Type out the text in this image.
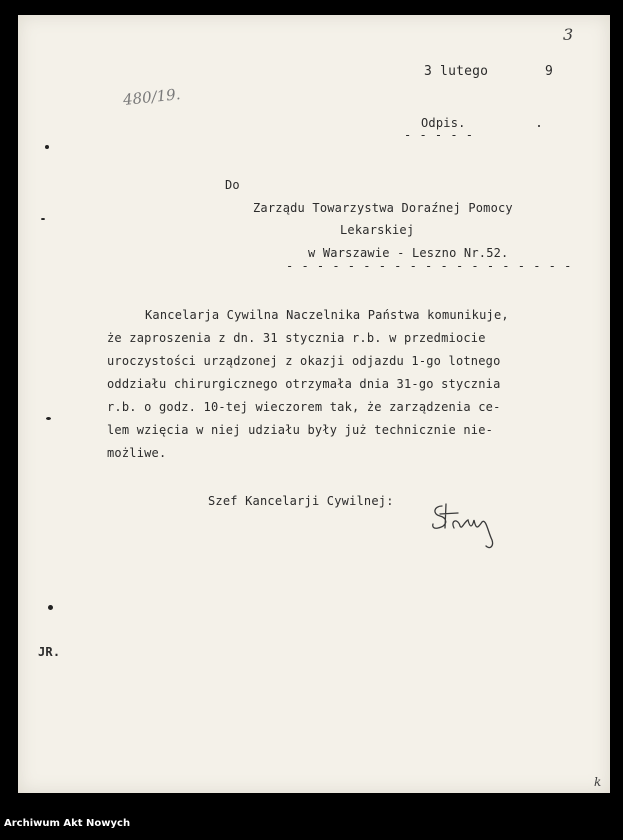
3
480/19.
3 lutego	9
Odpis.
- - -
Do
Zarządu Towarzystwa Doraźnej Pomocy
Lekarskiej
w Warszawie - Leszno Nr.52.
- - -
Kancelarja Cywilna Naczelnika Państwa komunikuje,
że zaproszenia z dn. 31 stycznia r.b. w przedmiocie
uroczystości urządzonej z okazji odjazdu 1-go lotnego
oddziału chirurgicznego otrzymała dnia 31-go stycznia
r.b. o godz. 10-tej wieczorem tak, że zarządzenia ce-
lem wzięcia w niej udziału były już technicznie nie-
możliwe.
Szef Kancelarji Cywilnej:
JR.
k
Archiwum Akt Nowych
